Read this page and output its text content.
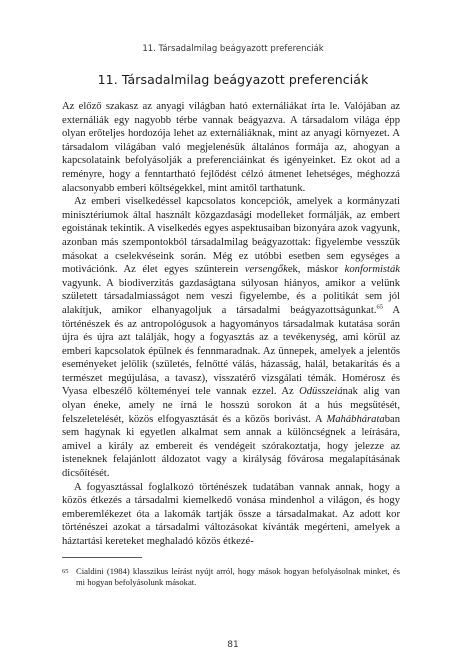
11. Társadalmilag beágyazott preferenciák
11. Társadalmilag beágyazott preferenciák

Az előző szakasz az anyagi világban ható externáliákat írta le. Valójában az externáliák egy nagyobb térbe vannak beágyazva. A társadalom világa épp olyan erőteljes hordozója lehet az externáliáknak, mint az anyagi környezet. A társadalom világában való megjelenésük általános formája az, ahogyan a kapcsolataink befolyásolják a preferenciáinkat és igényeinket. Ez okot ad a reményre, hogy a fenntartható fejlődést célzó átmenet lehetséges, méghozzá alacsonyabb emberi költségekkel, mint amitől tarthatunk.

Az emberi viselkedéssel kapcsolatos koncepciók, amelyek a kormányzati minisztériumok által használt közgazdasági modelleket formálják, az embert egoistának tekintik. A viselkedés egyes aspektusaiban bizonyára azok vagyunk, azonban más szempontokból társadalmilag beágyazottak: figyelembe vesszük másokat a cselekvéseink során. Még ez utóbbi esetben sem egységes a motivációnk. Az élet egyes szűnterein versengőkek, máskor konformisták vagyunk. A biodiverzitás gazdaságtana súlyosan hiányos, amikor a velünk született társadalmiasságot nem veszi figyelembe, és a politikát sem jól alakítjuk, amikor elhanyagoljuk a társadalmi beágyazottságunkat.$^{65}$ A történészek és az antropológusok a hagyományos társadalmak kutatása során újra és újra azt találják, hogy a fogyasztás az a tevékenység, ami körül az emberi kapcsolatok épülnek és fennmaradnak. Az ünnepek, amelyek a jelentős eseményeket jelölik (születés, felnőtté válás, házasság, halál, betakarítás és a természet megújulása, a tavasz), visszatérő vizsgálati témák. Homérosz és Vyasa elbeszélő költeményei tele vannak ezzel. Az Odüsszeiának alig van olyan éneke, amely ne írná le hosszú sorokon át a hús megsütését, felszeletelését, közös elfogyasztását és a közös borivást. A Mahábhárataban sem hagynak ki egyetlen alkalmat sem annak a különcségnek a leírására, amivel a király az embereit és vendégeit szórakoztatja, hogy jelezze az isteneknek felajánlott áldozatot vagy a királyság fővárosa megalapításának dicsőítését.

A fogyasztással foglalkozó történészek tudatában vannak annak, hogy a közös étkezés a társadalmi kiemelkedő vonása mindenhol a világon, és hogy emberemlékezet óta a lakomák tartják össze a társadalmakat. Az adott kor történészei azokat a társadalmi változásokat kívánták megérteni, amelyek a háztartási kereteket meghaladó közös étkezé-

65 Cialdini (1984) klasszikus leírást nyújt arról, hogy mások hogyan befolyásolnak minket, és mi hogyan befolyásolunk másokat.
81
